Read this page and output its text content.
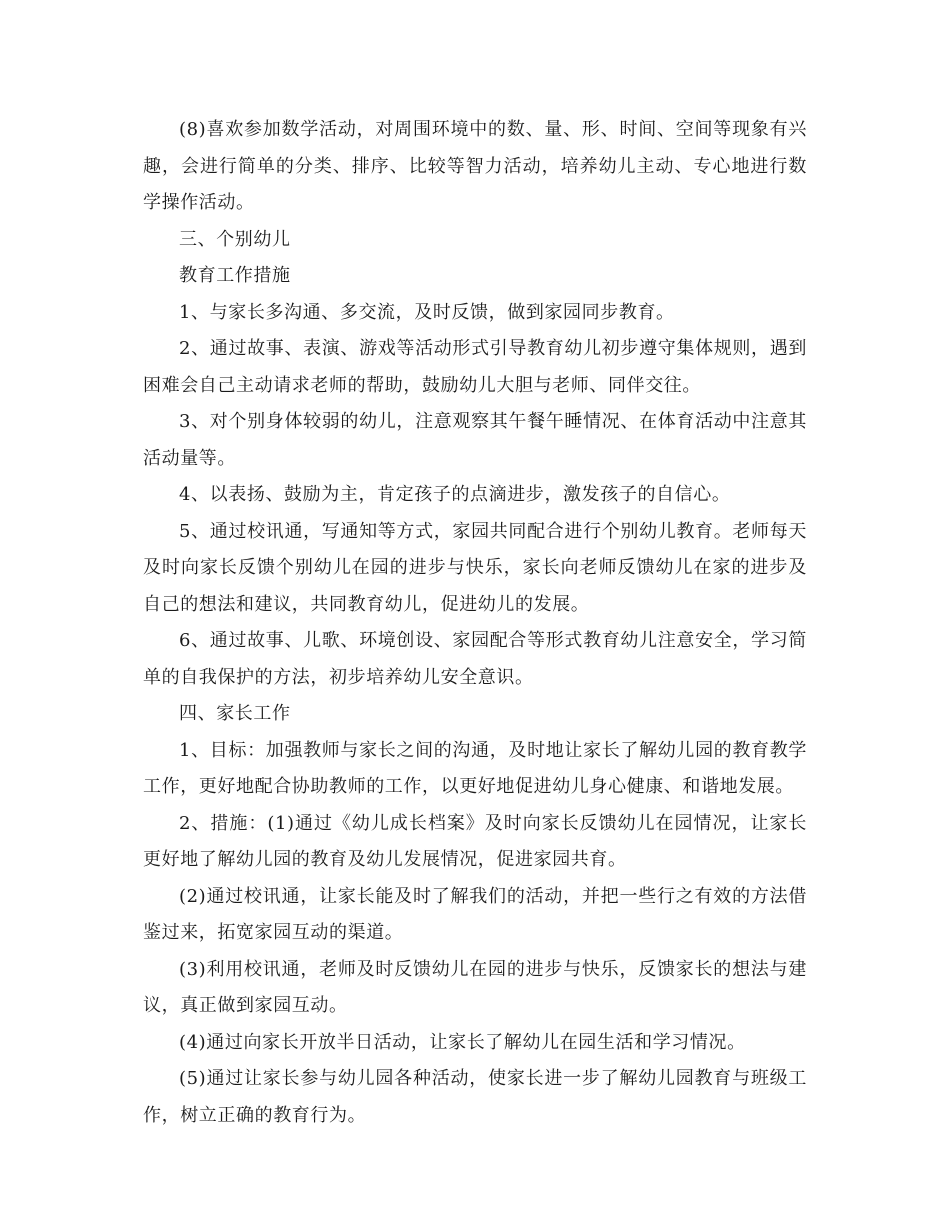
(8)喜欢参加数学活动，对周围环境中的数、量、形、时间、空间等现象有兴趣，会进行简单的分类、排序、比较等智力活动，培养幼儿主动、专心地进行数学操作活动。

三、个别幼儿

教育工作措施

1、与家长多沟通、多交流，及时反馈，做到家园同步教育。

2、通过故事、表演、游戏等活动形式引导教育幼儿初步遵守集体规则，遇到困难会自己主动请求老师的帮助，鼓励幼儿大胆与老师、同伴交往。

3、对个别身体较弱的幼儿，注意观察其午餐午睡情况、在体育活动中注意其活动量等。

4、以表扬、鼓励为主，肯定孩子的点滴进步，激发孩子的自信心。

5、通过校讯通，写通知等方式，家园共同配合进行个别幼儿教育。老师每天及时向家长反馈个别幼儿在园的进步与快乐，家长向老师反馈幼儿在家的进步及自己的想法和建议，共同教育幼儿，促进幼儿的发展。

6、通过故事、儿歌、环境创设、家园配合等形式教育幼儿注意安全，学习简单的自我保护的方法，初步培养幼儿安全意识。

四、家长工作

1、目标：加强教师与家长之间的沟通，及时地让家长了解幼儿园的教育教学工作，更好地配合协助教师的工作，以更好地促进幼儿身心健康、和谐地发展。

2、措施：(1)通过《幼儿成长档案》及时向家长反馈幼儿在园情况，让家长更好地了解幼儿园的教育及幼儿发展情况，促进家园共育。

(2)通过校讯通，让家长能及时了解我们的活动，并把一些行之有效的方法借鉴过来，拓宽家园互动的渠道。

(3)利用校讯通，老师及时反馈幼儿在园的进步与快乐，反馈家长的想法与建议，真正做到家园互动。

(4)通过向家长开放半日活动，让家长了解幼儿在园生活和学习情况。

(5)通过让家长参与幼儿园各种活动，使家长进一步了解幼儿园教育与班级工作，树立正确的教育行为。
